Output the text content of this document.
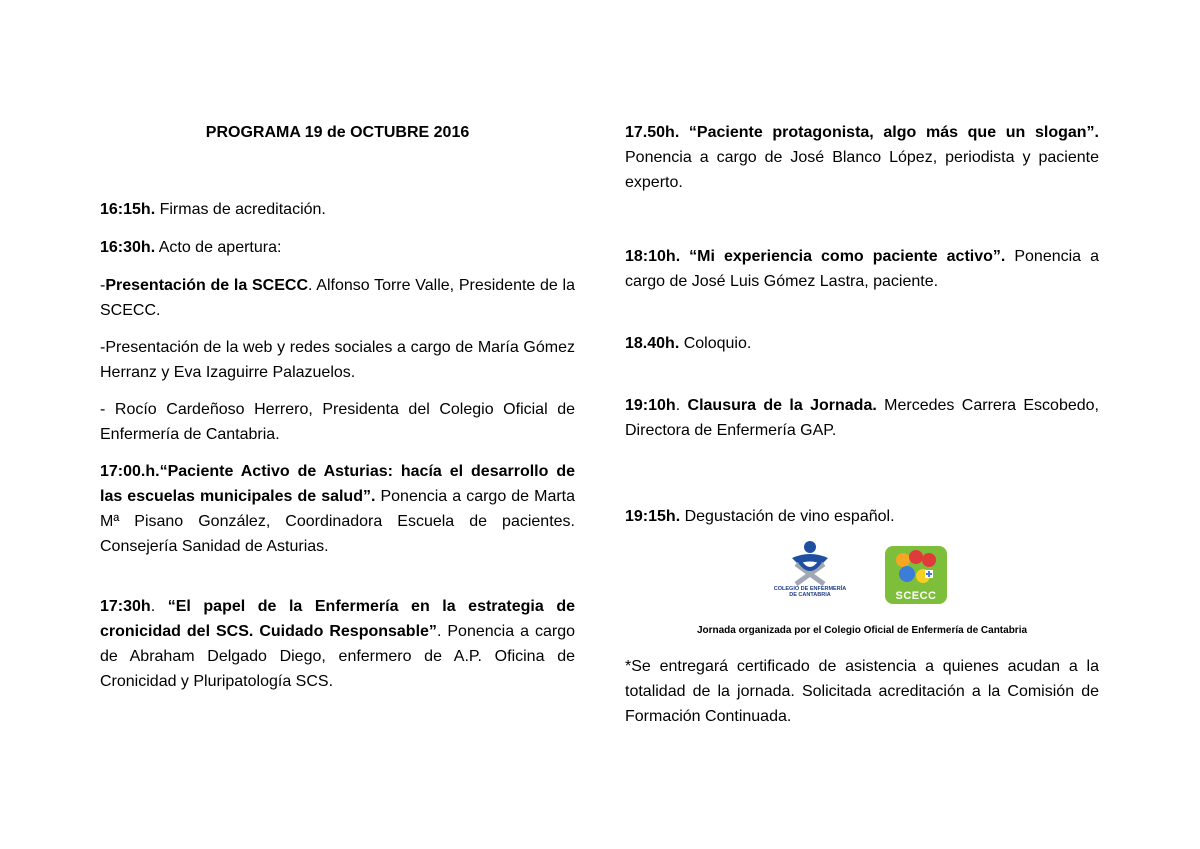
PROGRAMA 19 de OCTUBRE 2016

16:15h. Firmas de acreditación.

16:30h. Acto de apertura:

-Presentación de la SCECC. Alfonso Torre Valle, Presidente de la SCECC.

-Presentación de la web y redes sociales a cargo de María Gómez Herranz y Eva Izaguirre Palazuelos.

- Rocío Cardeñoso Herrero, Presidenta del Colegio Oficial de Enfermería de Cantabria.

17:00.h.“Paciente Activo de Asturias: hacía el desarrollo de las escuelas municipales de salud”. Ponencia a cargo de Marta Mª Pisano González, Coordinadora Escuela de pacientes. Consejería Sanidad de Asturias.

17:30h. “El papel de la Enfermería en la estrategia de cronicidad del SCS. Cuidado Responsable”. Ponencia a cargo de Abraham Delgado Diego, enfermero de A.P. Oficina de Cronicidad y Pluripatología SCS.

17.50h. “Paciente protagonista, algo más que un slogan”. Ponencia a cargo de José Blanco López, periodista y paciente experto.

18:10h. “Mi experiencia como paciente activo”. Ponencia a cargo de José Luis Gómez Lastra, paciente.

18.40h. Coloquio.

19:10h. Clausura de la Jornada. Mercedes Carrera Escobedo, Directora de Enfermería GAP.

19:15h. Degustación de vino español.

COLEGIO DE ENFERMERÍA DE CANTABRIA	SCECC
Jornada organizada por el Colegio Oficial de Enfermería de Cantabria

*Se entregará certificado de asistencia a quienes acudan a la totalidad de la jornada. Solicitada acreditación a la Comisión de Formación Continuada.
